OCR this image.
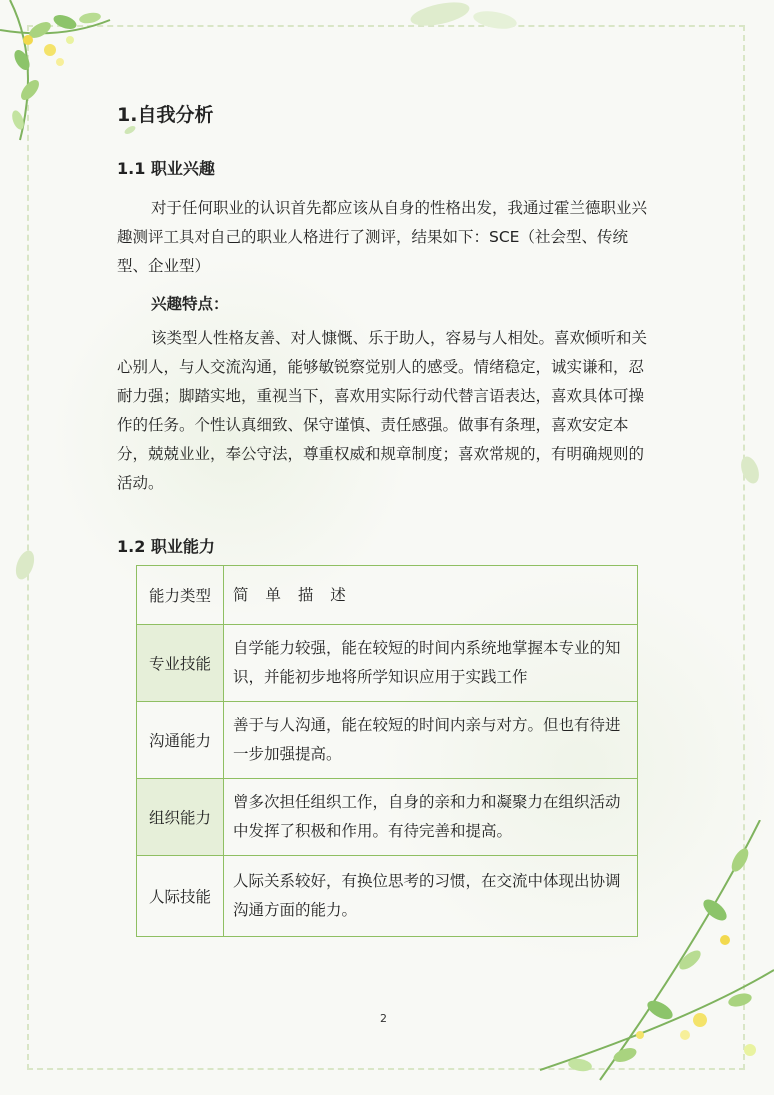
1.自我分析
1.1 职业兴趣

对于任何职业的认识首先都应该从自身的性格出发，我通过霍兰德职业兴趣测评工具对自己的职业人格进行了测评，结果如下：SCE（社会型、传统型、企业型）

兴趣特点：

该类型人性格友善、对人慷慨、乐于助人，容易与人相处。喜欢倾听和关心别人，与人交流沟通，能够敏锐察觉别人的感受。情绪稳定，诚实谦和，忍耐力强；脚踏实地，重视当下，喜欢用实际行动代替言语表达，喜欢具体可操作的任务。个性认真细致、保守谨慎、责任感强。做事有条理，喜欢安定本分，兢兢业业，奉公守法，尊重权威和规章制度；喜欢常规的，有明确规则的活动。

1.2 职业能力
能力类型	简 单 描 述
专业技能	自学能力较强，能在较短的时间内系统地掌握本专业的知识，并能初步地将所学知识应用于实践工作
沟通能力	善于与人沟通，能在较短的时间内亲与对方。但也有待进一步加强提高。
组织能力	曾多次担任组织工作，自身的亲和力和凝聚力在组织活动中发挥了积极和作用。有待完善和提高。
人际技能	人际关系较好，有换位思考的习惯，在交流中体现出协调沟通方面的能力。
2
